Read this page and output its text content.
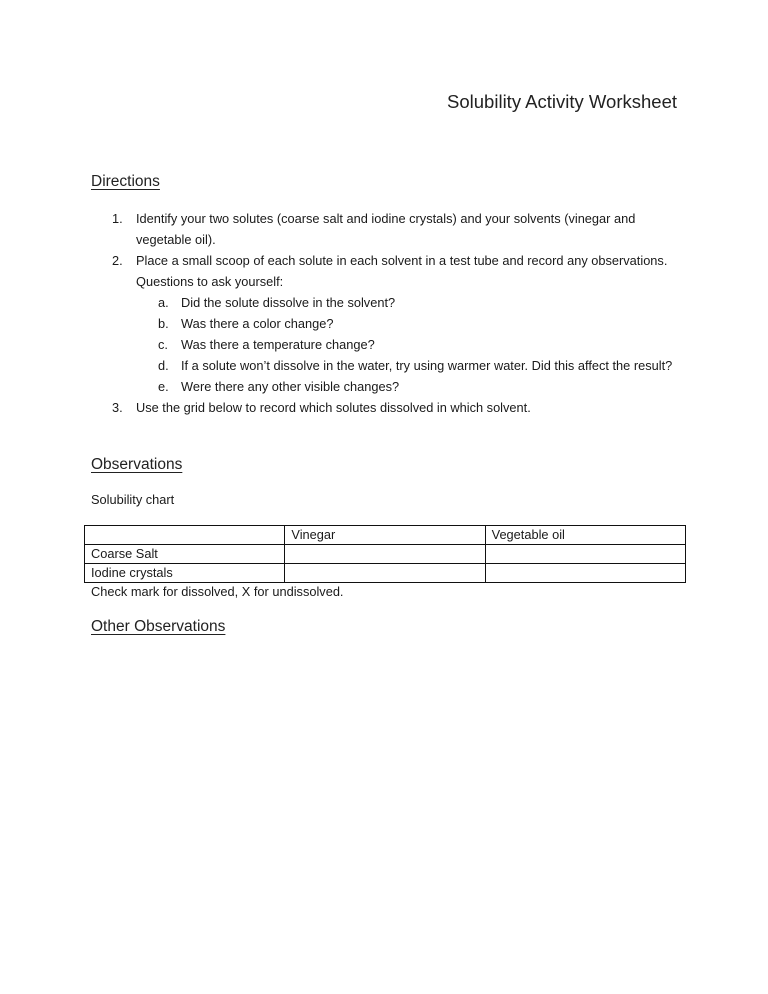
Solubility Activity Worksheet
Directions
1. Identify your two solutes (coarse salt and iodine crystals) and your solvents (vinegar and vegetable oil).
2. Place a small scoop of each solute in each solvent in a test tube and record any observations. Questions to ask yourself:
a. Did the solute dissolve in the solvent?
b. Was there a color change?
c. Was there a temperature change?
d. If a solute won’t dissolve in the water, try using warmer water. Did this affect the result?
e. Were there any other visible changes?
3. Use the grid below to record which solutes dissolved in which solvent.
Observations
Solubility chart
	Vinegar	Vegetable oil
Coarse Salt		
Iodine crystals		
Check mark for dissolved, X for undissolved.
Other Observations
